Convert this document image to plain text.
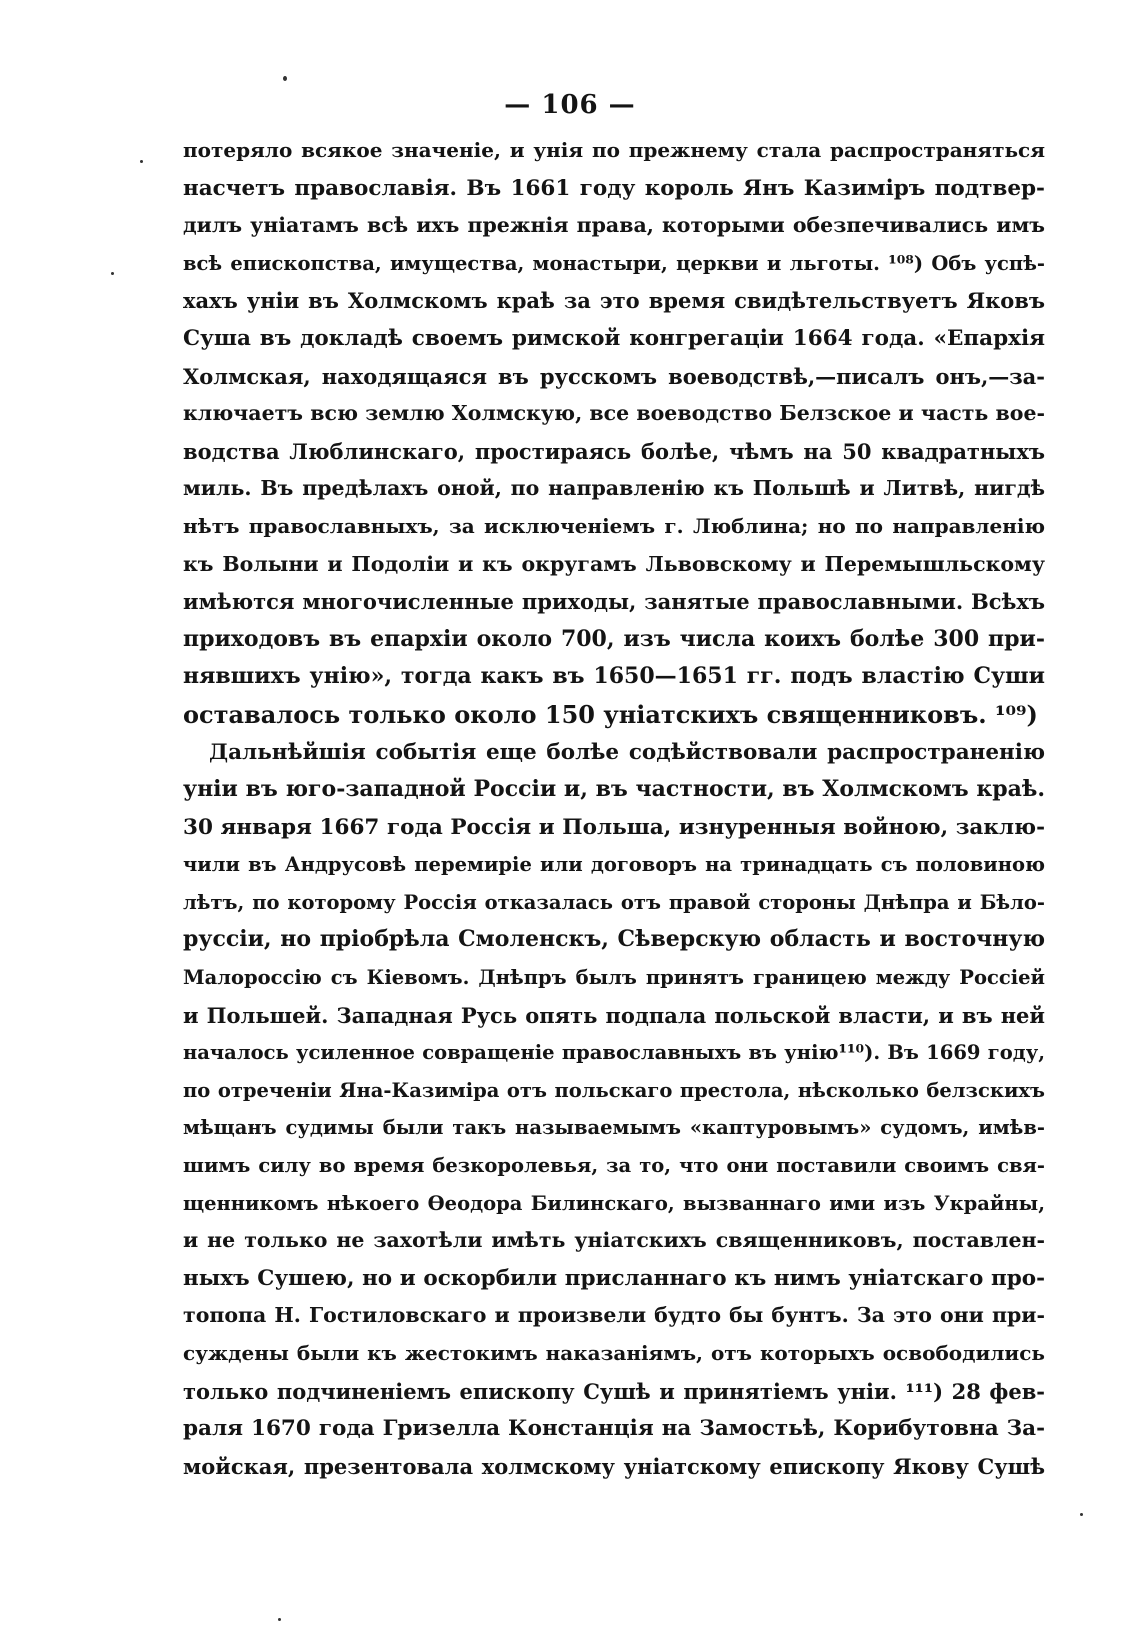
— 106 —
потеряло всякое значеніе, и унія по прежнему стала распространяться
насчетъ православія. Въ 1661 году король Янъ Казиміръ подтвер-
дилъ уніатамъ всѣ ихъ прежнія права, которыми обезпечивались имъ
всѣ епископства, имущества, монастыри, церкви и льготы. ¹⁰⁸) Объ успѣ-
хахъ уніи въ Холмскомъ краѣ за это время свидѣтельствуетъ Яковъ
Суша въ докладѣ своемъ римской конгрегаціи 1664 года. «Епархія
Холмская, находящаяся въ русскомъ воеводствѣ,—писалъ онъ,—за-
ключаетъ всю землю Холмскую, все воеводство Белзское и часть вое-
водства Люблинскаго, простираясь болѣе, чѣмъ на 50 квадратныхъ
миль. Въ предѣлахъ оной, по направленію къ Польшѣ и Литвѣ, нигдѣ
нѣтъ православныхъ, за исключеніемъ г. Люблина; но по направленію
къ Волыни и Подоліи и къ округамъ Львовскому и Перемышльскому
имѣются многочисленные приходы, занятые православными. Всѣхъ
приходовъ въ епархіи около 700, изъ числа коихъ болѣе 300 при-
нявшихъ унію», тогда какъ въ 1650—1651 гг. подъ властію Суши
оставалось только около 150 уніатскихъ священниковъ. ¹⁰⁹)
Дальнѣйшія событія еще болѣе содѣйствовали распространенію
уніи въ юго-западной Россіи и, въ частности, въ Холмскомъ краѣ.
30 января 1667 года Россія и Польша, изнуренныя войною, заклю-
чили въ Андрусовѣ перемиріе или договоръ на тринадцать съ половиною
лѣтъ, по которому Россія отказалась отъ правой стороны Днѣпра и Бѣло-
руссіи, но пріобрѣла Смоленскъ, Сѣверскую область и восточную
Малороссію съ Кіевомъ. Днѣпръ былъ принятъ границею между Россіей
и Польшей. Западная Русь опять подпала польской власти, и въ ней
началось усиленное совращеніе православныхъ въ унію¹¹⁰). Въ 1669 году,
по отреченіи Яна-Казиміра отъ польскаго престола, нѣсколько белзскихъ
мѣщанъ судимы были такъ называемымъ «каптуровымъ» судомъ, имѣв-
шимъ силу во время безкоролевья, за то, что они поставили своимъ свя-
щенникомъ нѣкоего Ѳеодора Билинскаго, вызваннаго ими изъ Украйны,
и не только не захотѣли имѣть уніатскихъ священниковъ, поставлен-
ныхъ Сушею, но и оскорбили присланнаго къ нимъ уніатскаго про-
топопа Н. Гостиловскаго и произвели будто бы бунтъ. За это они при-
суждены были къ жестокимъ наказаніямъ, отъ которыхъ освободились
только подчиненіемъ епископу Сушѣ и принятіемъ уніи. ¹¹¹) 28 фев-
раля 1670 года Гризелла Констанція на Замостьѣ, Корибутовна За-
мойская, презентовала холмскому уніатскому епископу Якову Сушѣ
